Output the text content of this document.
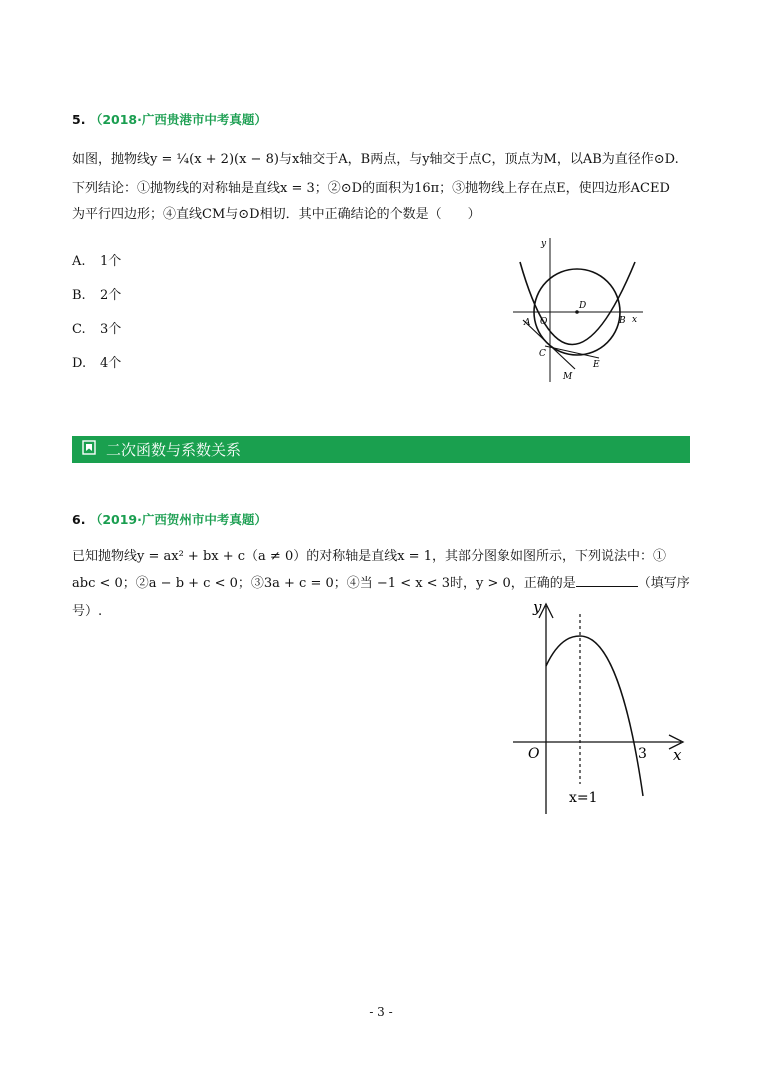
5. （2018·广西贵港市中考真题）
如图，抛物线y = ¼(x + 2)(x − 8)与x轴交于A，B两点，与y轴交于点C，顶点为M，以AB为直径作⊙D.
下列结论：①抛物线的对称轴是直线x = 3；②⊙D的面积为16π；③抛物线上存在点E，使四边形ACED
为平行四边形；④直线CM与⊙D相切．其中正确结论的个数是（　　）
A. 1个
B. 2个
C. 3个
D. 4个
y
x
D
A O	B
C
M
E
二次函数与系数关系
6. （2019·广西贺州市中考真题）
已知抛物线y = ax² + bx + c（a ≠ 0）的对称轴是直线x = 1，其部分图象如图所示，下列说法中：①
abc < 0；②a − b + c < 0；③3a + c = 0；④当 −1 < x < 3时，y > 0，正确的是	（填写序
号）.	y
x
O	3
x=1
- 3 -
